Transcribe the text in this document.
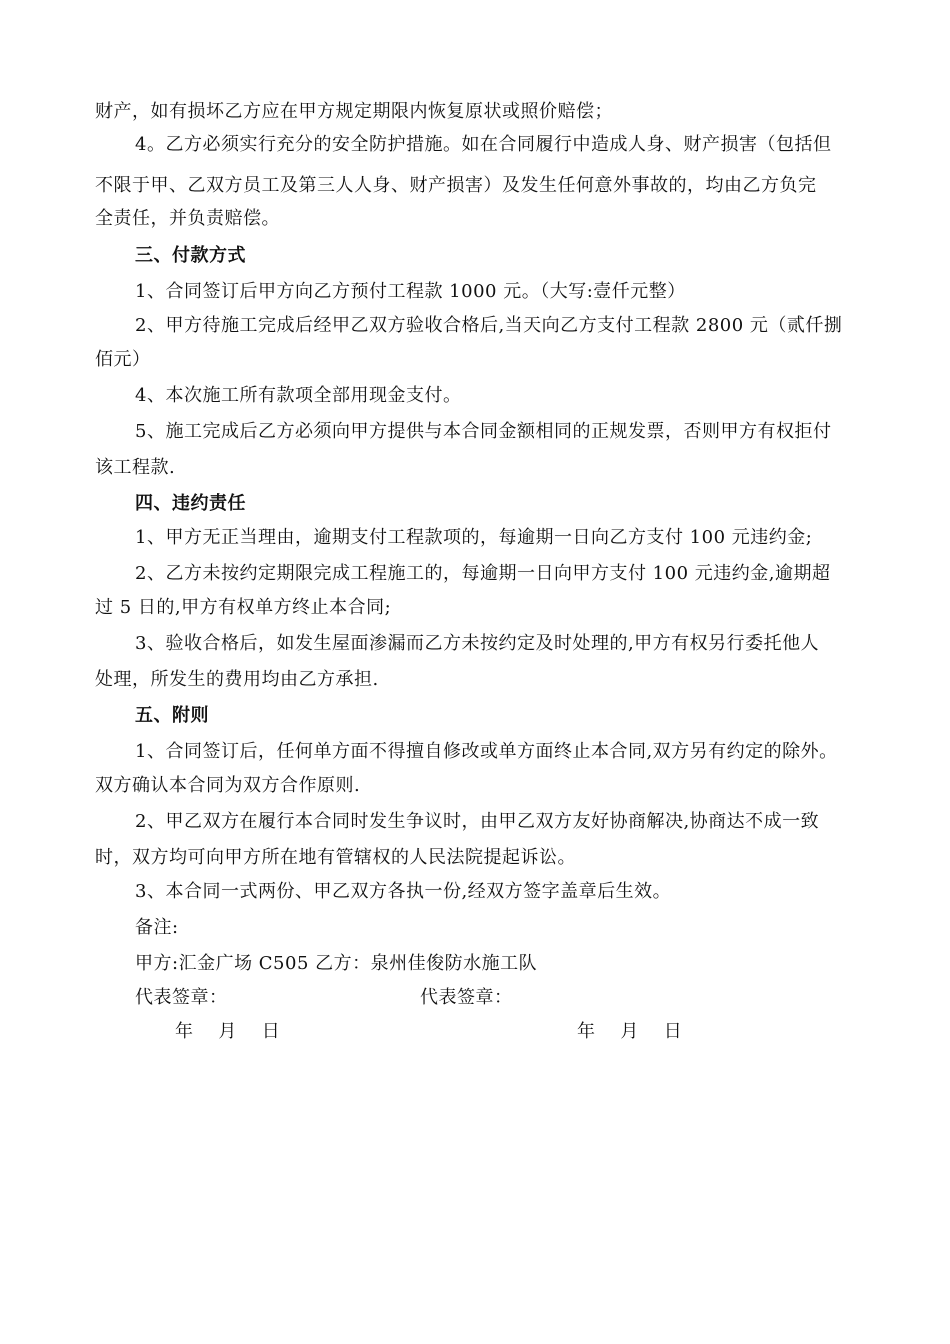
财产，如有损坏乙方应在甲方规定期限内恢复原状或照价赔偿；
4。乙方必须实行充分的安全防护措施。如在合同履行中造成人身、财产损害（包括但
不限于甲、乙双方员工及第三人人身、财产损害）及发生任何意外事故的，均由乙方负完
全责任，并负责赔偿。
三、付款方式
1、合同签订后甲方向乙方预付工程款 1000 元。（大写:壹仟元整）
2、甲方待施工完成后经甲乙双方验收合格后,当天向乙方支付工程款 2800 元（贰仟捌
佰元）
4、本次施工所有款项全部用现金支付。
5、施工完成后乙方必须向甲方提供与本合同金额相同的正规发票，否则甲方有权拒付
该工程款.
四、违约责任
1、甲方无正当理由，逾期支付工程款项的，每逾期一日向乙方支付 100 元违约金;
2、乙方未按约定期限完成工程施工的，每逾期一日向甲方支付 100 元违约金,逾期超
过 5 日的,甲方有权单方终止本合同;
3、验收合格后，如发生屋面渗漏而乙方未按约定及时处理的,甲方有权另行委托他人
处理，所发生的费用均由乙方承担.
五、附则
1、合同签订后，任何单方面不得擅自修改或单方面终止本合同,双方另有约定的除外。
双方确认本合同为双方合作原则.
2、甲乙双方在履行本合同时发生争议时，由甲乙双方友好协商解决,协商达不成一致
时，双方均可向甲方所在地有管辖权的人民法院提起诉讼。
3、本合同一式两份、甲乙双方各执一份,经双方签字盖章后生效。
备注:
甲方:汇金广场 C505 乙方：泉州佳俊防水施工队
代表签章：	代表签章：
年    月    日	年    月    日
